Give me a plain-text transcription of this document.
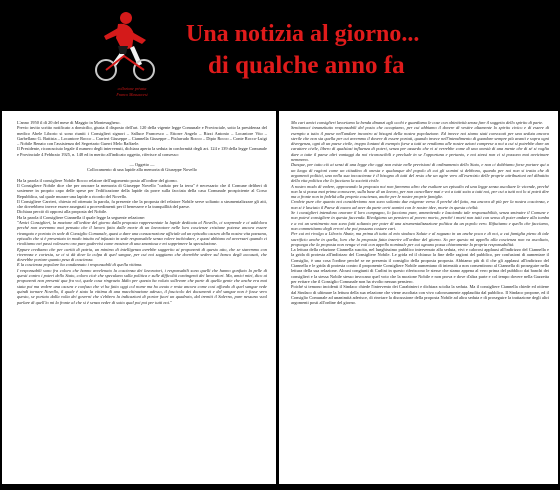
collezione privata
Franco Massaccesi
Una notizia al giorno...
di qualche anno fa

L'anno 1950 il dì 20 del mese di Maggio in Montesugheso.

Previo invito scritto notificato a domicilio, giusta il disposto dell'art. 120 della vigente legge Comunale e Provinciale, sotto la presidenza del medico Abele Liborio si sono riuniti i Consiglieri signori – Salluce Francesco – Ettorre Angelo – Rizzi Antonio – Locantore Vito – Garbellano G. Battista – Locantore Rocco – Carrieri Giuseppe – Ciannella Giuseppe – Pisfarrudo Rocco – Dipio Rocco – Conte Rocco-Luigi – Nobile Renato con l'assistenza del Segretario Guerri Melo Raffaele.

Il Presidente, riconosciuto legale il numero degli intervenuti, dichiara aperta la seduta in conformità degli art. 124 e 139 della legge Comunale e Provinciale 4 Febbraio 1925, n. 148 ed in merito all'indicato oggetto, riferisce al consesso:

— Oggetto —

Collocamento di una lapide alla memoria di Giuseppe Novello

Ha la parola il consigliere Nobile Rocco relatore dell'argomento posto all'ordine del giorno.

Il Consigliere Nobile dice che per onorare la memoria di Giuseppe Novello "caduto per la terra" è necessario che il Comune deliberi di sostenere in proprio capo delle spese per l'edificazione della lapide da porre sulla facciata della casa Comunale prospiciente al Corso Repubblica, sul quale murare una lapide a ricordo del Novello.

Il Consigliere Carrieri, chiesto ed ottenuto la parola, fa presente che la proposta del relatore Nobile serve soltanto a strumentalizzare gli atti, che dovrebbero invece essere assegnati a provvedimenti per il benessere e la tranquillità del paese.

Dichiara perciò di opporsi alla proposta del Nobile.

Ha la parola il Consigliere Ciannella il quale legge la seguente relazione:

"Amici Consiglieri, la mozione all'ordine del giorno dalla proposta rappresentate la lapide dedicata al Novello, ci sorprende e ci addolora perché non avremmo mai pensato che il lavoro fatto dalle morte di un lavoratore nelle loro coscienze cristiane potesse ancora essere rivangato e portato in sede di Consiglio Comunale, quasi a dare una consacrazione ufficiale ad un episodio oscuro della nostra vita paesana, episodio che si è presentato in modo intuito ed infausto in sede responsabile senza volere inchiodare, e quasi abbiano ed avversari quando ci rivoltiamo nei passi volessero ora pure godervisi come mostrar di una smaniosa e mi sopprimere la speculazione.

Eppure crediamo che per carità di patria, un minimo di intelligenza avrebbe suggerito ai proponenti di questo atto, che se staremmo con riverenza e cortesia, se ci si dà dove la colpa di quel sangue, per cui noi saggiamo che dovrebbe sedere sul banco degli accusati, che dovrebbe portare quanto pesa di coscienza.

E la coscienza popolare ha condannato i responsabili di quella vittima.

I responsabili sono fra coloro che hanno avvelenato la coscienza dei lavoratori, i responsabili sono quelli che hanno gonfiato la pelle di questi contro i poteri dello Stato, coloro cioè che speculano sulla politica e sulle difficoltà contingenti dei lavoratori. Ma, amici miei, dico ai proponenti non presenti qua fra voi, quale cosa ringrazio Iddio per questa ha voluto sollevare che parte di quella gente che anche era mai stata poi ma vedere una oscura e confuso che vi ha fatto oggi col nome ma ho avuto e resta ancora come cosi affondo di quel sangue vede quindi tornare Novello, il quale è stato la vittima di una macchinazione adesso, il fascicolo dei documenti e del sangue non è fosse vero questo, se portato dalla volta dei governi che s'ebbero la indicazioni di portar fuori un quadrato, dal tremiti il Salerno, pare nessuno vuol parlare di quell'io mi la fronte al che si è senza veder di sotto qual poi poi per tutti noi."

Ma cari amici consiglieri lavoriamo la benda dinanzi agli occhi e guardiamo le cose con obiettività senza fare il soggetto dello spirito di parte.

Sentiamoci innanzitutto responsabili del posto che occupiamo, per cui abbiamo il dovere di vestire altamente lo spirito civico e di essere di esempio a tutto il paese nell'andare incontro ai bisogni della nostra popolazione. Ed invece noi siamo stati convocati per una seduta ancora sterile che non sia quella per cui avremmo il dovere di essere portati, quando invece nell'intendimento di guardare sempre più avanti e sopra ogni divergenza, ogni di un paese civile, troppo lontani di esempio forse a tutti se rendiamo alle nostre azioni comprese a noi a cui si potrebbe dare un carattere civile, libero di qualsiasi influenza di poteri, senza per assurdo che vi si verrebbe come di una onestà di una mente che di sé si voglia dare a tutte il paese altri vantaggi da noi riconoscibili e preclude in se l'opportuna e pertanto, e noi stessi non ci si possono mai avvicinare nemmeno.

Dunque, per tutto ciò ai sensi di una legge che oggi non esiste nelle previsioni di ordinamento dello Stato, e non ci dobbiamo forse portare qui a un luogo di ragioni come un cittadino di onesta e qualunque del popolo di cui gli uomini si debbono, quando per noi non si tratta che di argomenti politici, una nella sua incoscienza è il bisogno di tutti del resto che un agire vero all'esercizio delle proprie attribuzioni nel dibattito della vita politica che lo facciano la società civile.

A nostro modo di vedere, approvando la proposta noi non faremmo altro che esaltare un episodio ed una legge senza ascoltare le vicende, perché non la si possa mai prima conoscere, sulla base di un lavoro, per non cancellare mai e voi a tutti sotto a tutti noi, per cui a tutti noi lo si potrà dire ma a fronte non in fedeltà alla propria coscienza, anche per le nostre proprie famiglie.

Credete pure che quanto noi consideriamo non sono soltanto due esigenze verso il perché del fatto, ma ancora di più per la nostra coscienza, e non si è lasciato il Paese di nuovo ad aver da parte certi uomini con le nostre idee, morte in questa civiltà.

Se i consiglieri intendono onorare il loro compagno, lo facciano pure, ammettendo e lasciando tale responsabilità, senza sminuire il Comune e non potevi consigliere in questa faccenda. Rivolgiamo un pensiero al povero morto, perché i morti non tutti con senso di poter andare alla tomba e a voi un sentimento non sono fatti soltanto per poter di una strumentalizzazione politica da un popolo vero. Rifiutiamo e quello che facciamo, non commettiamo degli errori che poi possano costare cari.

Per cui mi rivolgo a Liborio Abate, ma prima di tutto al mio sindaco Salute e al ragazzo in un anche poca e di noi, a cui famiglia pieno di tale sacrificio anche in quella, loro che la proposta fatta inserire all'ordine del giorno. So per questo mi appello alla coscienza non va ascoltato, proponga che la proposta non venga vi voti con appello nominale per cui ognuno possa chiaramente la propria responsabilità.

La lettura della relazione Ciannella suscita, nel lunghissimo pubblico intervenuto alla seduta, vivi e calorosi applausi all'indirizzo del Ciannella e la grida di protesta all'indirizzo del Consigliere Nobile. Le grida ed il chiasso la fine delle ragioni del pubblico, per confusioni di aumentare il Consiglio, è una cosa l'ordine perché se ne presenta il consiglio della proposta proposta. Abbiamo più di il che gli applausi all'indirizzo del Ciannella e le grida di protesta contro il proponente Consigliere Nobile aumentano di intensità a non consentirono al Ciannella di proseguire nella lettura della sua relazione. Alcuni congiunti di Carlini in questo riferiscono le stesse che siamo appena al vero prima del pubblico dai banchi dei consiglieri e la stessa Nobile stesso invocano quel voto che la mozione Nobile e non prova e dove d'altra parte e col tempo dovere nella Gazzetta per evitare che il Consiglio Comunale non ha rivolto nessun pensiero.

Poiché si temono incidenti il Sindaco chiede l'intervento dei Carabinieri e dichiara sciolta la seduta. Ma il consigliere Ciannella chiede ed ottiene dal Sindaco di ultimare la lettura della sua relazione che viene ascoltata con vivo calorosamente applaudita dal pubblico. Il Sindaco propone, ed il Consiglio Comunale ad unanimità aderisce, di rinviare la discussione della proposta Nobile ad altra seduta e di proseguire la trattazione degli altri argomenti posti all'ordine del giorno.
